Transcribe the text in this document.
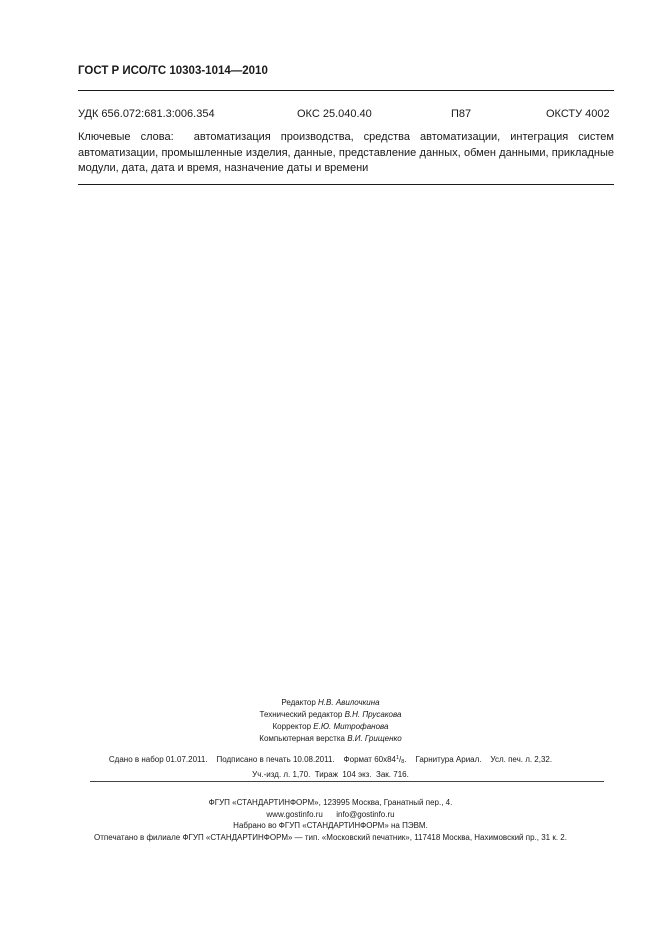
ГОСТ Р ИСО/ТС 10303-1014—2010
УДК 656.072:681.3:006.354	ОКС 25.040.40	П87	ОКСТУ 4002
Ключевые слова: автоматизация производства, средства автоматизации, интеграция систем автоматизации, промышленные изделия, данные, представление данных, обмен данными, прикладные модули, дата, дата и время, назначение даты и времени
Редактор Н.В. Авилочкина
Технический редактор В.Н. Прусакова
Корректор Е.Ю. Митрофанова
Компьютерная верстка В.И. Грищенко
Сдано в набор 01.07.2011. Подписано в печать 10.08.2011. Формат $60x84^1/_8$.    Гарнитура Ариал. Усл. печ. л. 2,32.
Уч.-изд. л. 1,70.  Тираж  104 экз.  Зак. 716.
ФГУП «СТАНДАРТИНФОРМ», 123995 Москва, Гранатный пер., 4.
www.gostinfo.ru info@gostinfo.ru
Набрано во ФГУП «СТАНДАРТИНФОРМ» на ПЭВМ.
Отпечатано в филиале ФГУП «СТАНДАРТИНФОРМ» — тип. «Московский печатник», 117418 Москва, Нахимовский пр., 31 к. 2.
